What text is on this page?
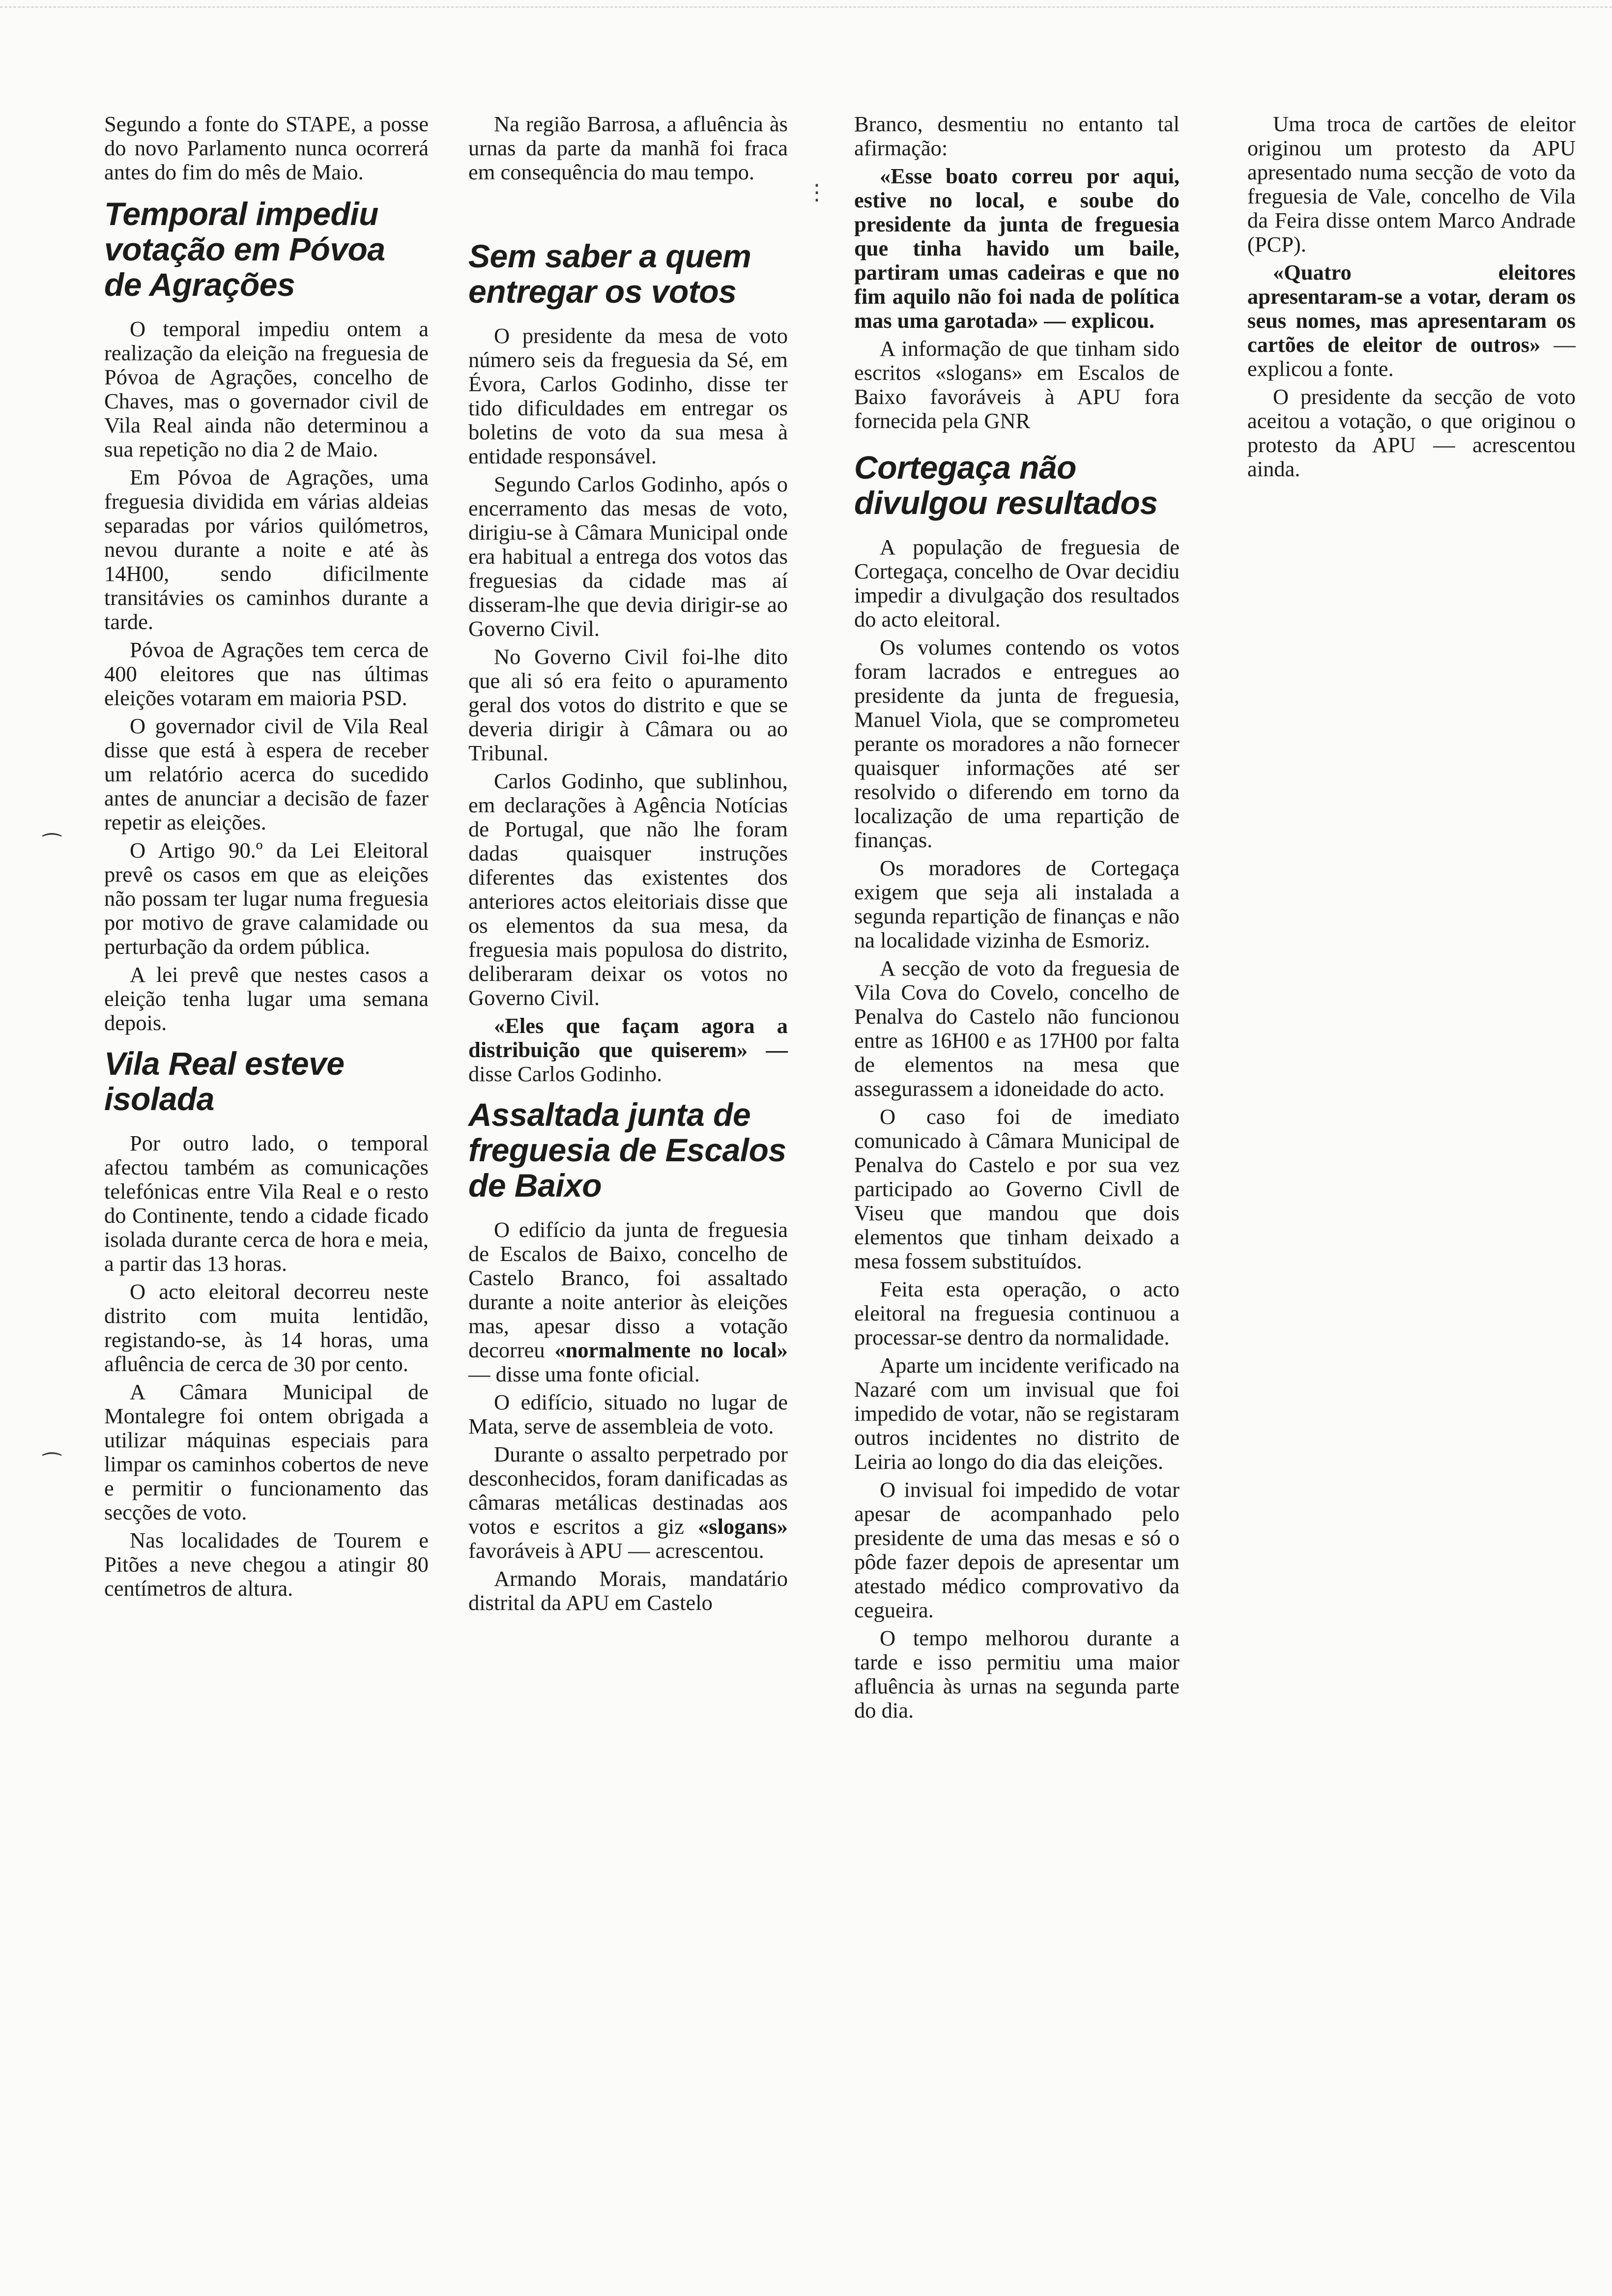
Segundo a fonte do STAPE, a posse do novo Parlamento nunca ocorrerá antes do fim do mês de Maio.

Temporal impediu votação em Póvoa de Agrações

O temporal impediu ontem a realização da eleição na freguesia de Póvoa de Agrações, concelho de Chaves, mas o governador civil de Vila Real ainda não determinou a sua repetição no dia 2 de Maio.

Em Póvoa de Agrações, uma freguesia dividida em várias aldeias separadas por vários quilómetros, nevou durante a noite e até às 14H00, sendo dificilmente transitávies os caminhos durante a tarde.

Póvoa de Agrações tem cerca de 400 eleitores que nas últimas eleições votaram em maioria PSD.

O governador civil de Vila Real disse que está à espera de receber um relatório acerca do sucedido antes de anunciar a decisão de fazer repetir as eleições.

O Artigo 90.º da Lei Eleitoral prevê os casos em que as eleições não possam ter lugar numa freguesia por motivo de grave calamidade ou perturbação da ordem pública.

A lei prevê que nestes casos a eleição tenha lugar uma semana depois.

Vila Real esteve isolada

Por outro lado, o temporal afectou também as comunicações telefónicas entre Vila Real e o resto do Continente, tendo a cidade ficado isolada durante cerca de hora e meia, a partir das 13 horas.

O acto eleitoral decorreu neste distrito com muita lentidão, registando-se, às 14 horas, uma afluência de cerca de 30 por cento.

A Câmara Municipal de Montalegre foi ontem obrigada a utilizar máquinas especiais para limpar os caminhos cobertos de neve e permitir o funcionamento das secções de voto.

Nas localidades de Tourem e Pitões a neve chegou a atingir 80 centímetros de altura.

Na região Barrosa, a afluência às urnas da parte da manhã foi fraca em consequência do mau tempo.

Sem saber a quem entregar os votos

O presidente da mesa de voto número seis da freguesia da Sé, em Évora, Carlos Godinho, disse ter tido dificuldades em entregar os boletins de voto da sua mesa à entidade responsável.

Segundo Carlos Godinho, após o encerramento das mesas de voto, dirigiu-se à Câmara Municipal onde era habitual a entrega dos votos das freguesias da cidade mas aí disseram-lhe que devia dirigir-se ao Governo Civil.

No Governo Civil foi-lhe dito que ali só era feito o apuramento geral dos votos do distrito e que se deveria dirigir à Câmara ou ao Tribunal.

Carlos Godinho, que sublinhou, em declarações à Agência Notícias de Portugal, que não lhe foram dadas quaisquer instruções diferentes das existentes dos anteriores actos eleitoriais disse que os elementos da sua mesa, da freguesia mais populosa do distrito, deliberaram deixar os votos no Governo Civil.

«Eles que façam agora a distribuição que quiserem» — disse Carlos Godinho.

Assaltada junta de freguesia de Escalos de Baixo

O edifício da junta de freguesia de Escalos de Baixo, concelho de Castelo Branco, foi assaltado durante a noite anterior às eleições mas, apesar disso a votação decorreu «normalmente no local» — disse uma fonte oficial.

O edifício, situado no lugar de Mata, serve de assembleia de voto.

Durante o assalto perpetrado por desconhecidos, foram danificadas as câmaras metálicas destinadas aos votos e escritos a giz «slogans» favoráveis à APU — acrescentou.

Armando Morais, mandatário distrital da APU em Castelo

Branco, desmentiu no entanto tal afirmação:

«Esse boato correu por aqui, estive no local, e soube do presidente da junta de freguesia que tinha havido um baile, partiram umas cadeiras e que no fim aquilo não foi nada de política mas uma garotada» — explicou.

A informação de que tinham sido escritos «slogans» em Escalos de Baixo favoráveis à APU fora fornecida pela GNR

Cortegaça não divulgou resultados

A população de freguesia de Cortegaça, concelho de Ovar decidiu impedir a divulgação dos resultados do acto eleitoral.

Os volumes contendo os votos foram lacrados e entregues ao presidente da junta de freguesia, Manuel Viola, que se comprometeu perante os moradores a não fornecer quaisquer informações até ser resolvido o diferendo em torno da localização de uma repartição de finanças.

Os moradores de Cortegaça exigem que seja ali instalada a segunda repartição de finanças e não na localidade vizinha de Esmoriz.

A secção de voto da freguesia de Vila Cova do Covelo, concelho de Penalva do Castelo não funcionou entre as 16H00 e as 17H00 por falta de elementos na mesa que assegurassem a idoneidade do acto.

O caso foi de imediato comunicado à Câmara Municipal de Penalva do Castelo e por sua vez participado ao Governo Civll de Viseu que mandou que dois elementos que tinham deixado a mesa fossem substituídos.

Feita esta operação, o acto eleitoral na freguesia continuou a processar-se dentro da normalidade.

Aparte um incidente verificado na Nazaré com um invisual que foi impedido de votar, não se registaram outros incidentes no distrito de Leiria ao longo do dia das eleições.

O invisual foi impedido de votar apesar de acompanhado pelo presidente de uma das mesas e só o pôde fazer depois de apresentar um atestado médico comprovativo da cegueira.

O tempo melhorou durante a tarde e isso permitiu uma maior afluência às urnas na segunda parte do dia.

Uma troca de cartões de eleitor originou um protesto da APU apresentado numa secção de voto da freguesia de Vale, concelho de Vila da Feira disse ontem Marco Andrade (PCP).

«Quatro eleitores apresentaram-se a votar, deram os seus nomes, mas apresentaram os cartões de eleitor de outros» — explicou a fonte.

O presidente da secção de voto aceitou a votação, o que originou o protesto da APU — acrescentou ainda.

⁀
⁀
⋮
